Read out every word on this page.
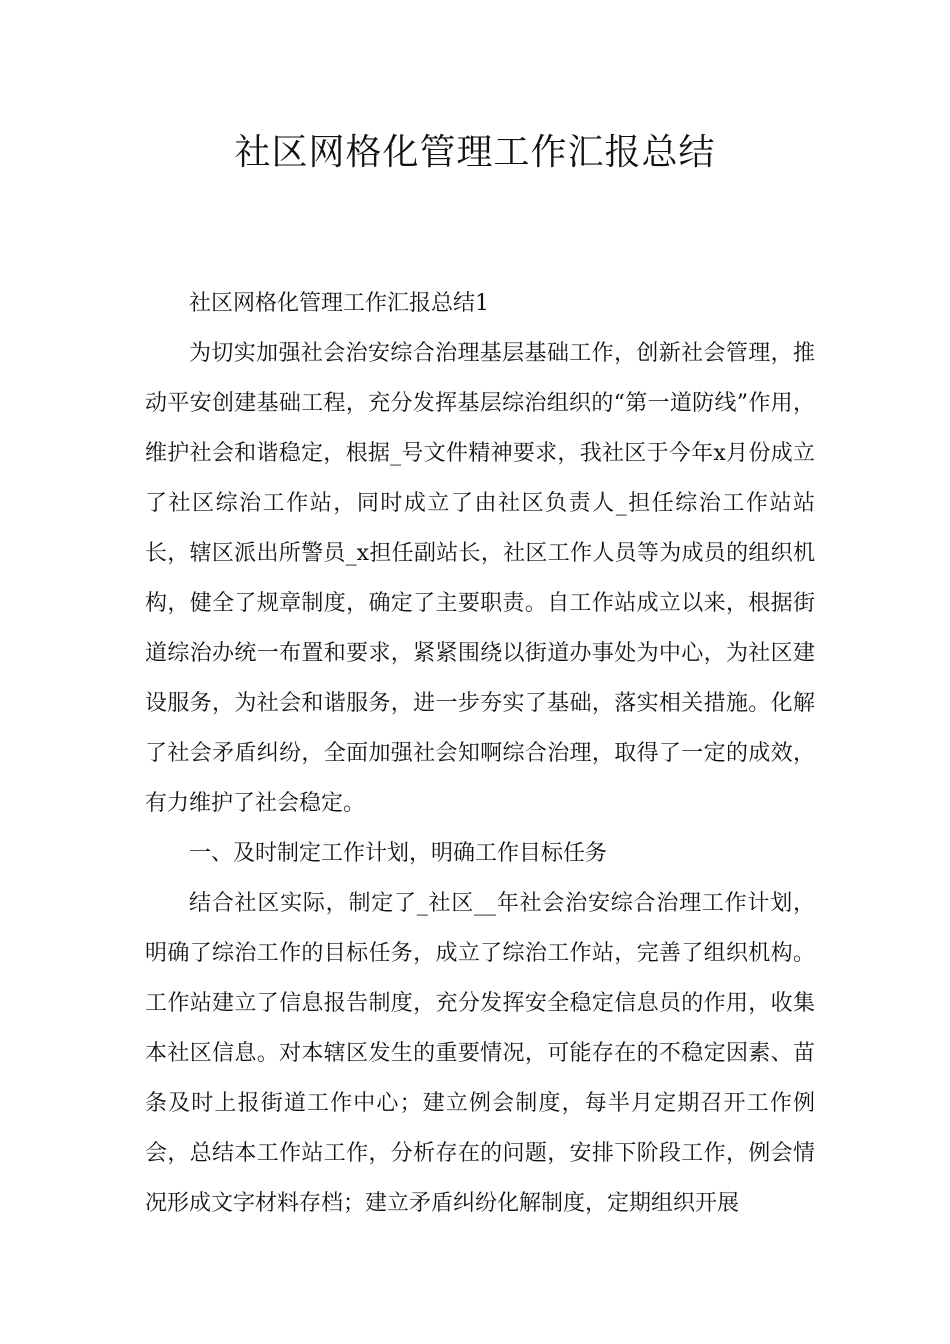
社区网格化管理工作汇报总结

社区网格化管理工作汇报总结1

为切实加强社会治安综合治理基层基础工作，创新社会管理，推动平安创建基础工程，充分发挥基层综治组织的“第一道防线”作用，维护社会和谐稳定，根据_号文件精神要求，我社区于今年x月份成立了社区综治工作站，同时成立了由社区负责人_担任综治工作站站长，辖区派出所警员_x担任副站长，社区工作人员等为成员的组织机构，健全了规章制度，确定了主要职责。自工作站成立以来，根据街道综治办统一布置和要求，紧紧围绕以街道办事处为中心，为社区建设服务，为社会和谐服务，进一步夯实了基础，落实相关措施。化解了社会矛盾纠纷，全面加强社会知啊综合治理，取得了一定的成效，有力维护了社会稳定。

一、及时制定工作计划，明确工作目标任务

结合社区实际，制定了_社区__年社会治安综合治理工作计划，明确了综治工作的目标任务，成立了综治工作站，完善了组织机构。工作站建立了信息报告制度，充分发挥安全稳定信息员的作用，收集本社区信息。对本辖区发生的重要情况，可能存在的不稳定因素、苗条及时上报街道工作中心；建立例会制度，每半月定期召开工作例会，总结本工作站工作，分析存在的问题，安排下阶段工作，例会情况形成文字材料存档；建立矛盾纠纷化解制度，定期组织开展
